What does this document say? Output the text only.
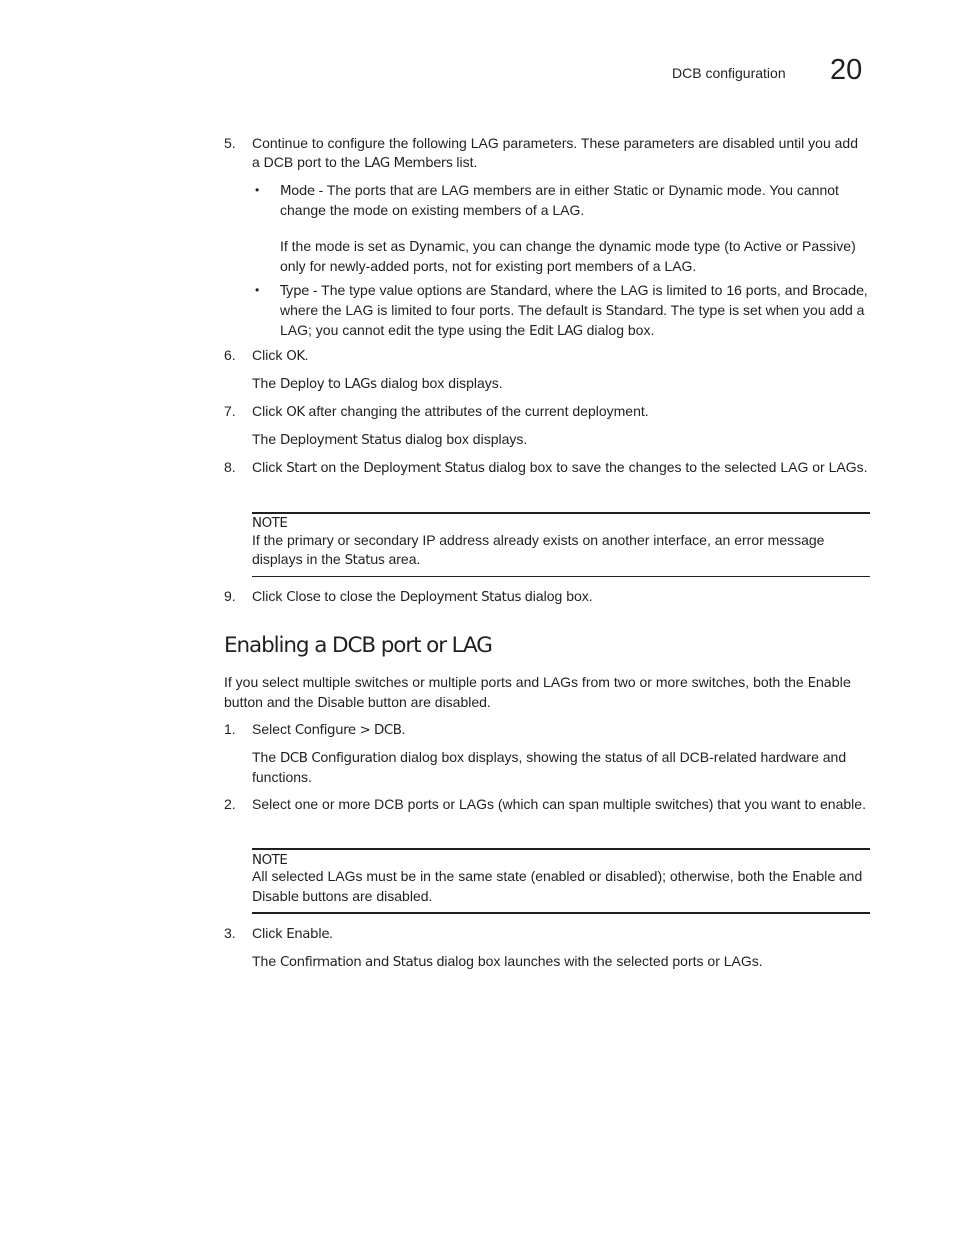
DCB configuration 20
5.	Continue to configure the following LAG parameters. These parameters are disabled until you add a DCB port to the LAG Members list.
• Mode - The ports that are LAG members are in either Static or Dynamic mode. You cannot change the mode on existing members of a LAG.
If the mode is set as Dynamic, you can change the dynamic mode type (to Active or Passive) only for newly-added ports, not for existing port members of a LAG.
• Type - The type value options are Standard, where the LAG is limited to 16 ports, and Brocade, where the LAG is limited to four ports. The default is Standard. The type is set when you add a LAG; you cannot edit the type using the Edit LAG dialog box.
6.	Click OK.
The Deploy to LAGs dialog box displays.
7.	Click OK after changing the attributes of the current deployment.
The Deployment Status dialog box displays.
8.	Click Start on the Deployment Status dialog box to save the changes to the selected LAG or LAGs.
NOTE
If the primary or secondary IP address already exists on another interface, an error message displays in the Status area.
9.	Click Close to close the Deployment Status dialog box.
Enabling a DCB port or LAG
If you select multiple switches or multiple ports and LAGs from two or more switches, both the Enable button and the Disable button are disabled.
1.	Select Configure > DCB.
The DCB Configuration dialog box displays, showing the status of all DCB-related hardware and functions.
2.	Select one or more DCB ports or LAGs (which can span multiple switches) that you want to enable.
NOTE
All selected LAGs must be in the same state (enabled or disabled); otherwise, both the Enable and Disable buttons are disabled.
3.	Click Enable.
The Confirmation and Status dialog box launches with the selected ports or LAGs.
